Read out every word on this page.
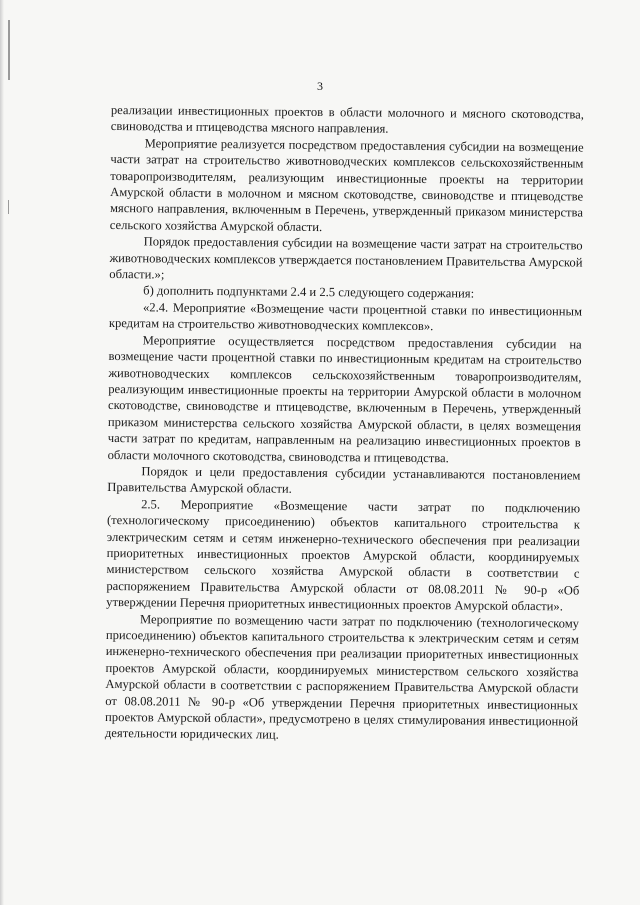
3

реализации инвестиционных проектов в области молочного и мясного скотоводства, свиноводства и птицеводства мясного направления.

Мероприятие реализуется посредством предоставления субсидии на возмещение части затрат на строительство животноводческих комплексов сельскохозяйственным товаропроизводителям, реализующим инвестиционные проекты на территории Амурской области в молочном и мясном скотоводстве, свиноводстве и птицеводстве мясного направления, включенным в Перечень, утвержденный приказом министерства сельского хозяйства Амурской области.

Порядок предоставления субсидии на возмещение части затрат на строительство животноводческих комплексов утверждается постановлением Правительства Амурской области.»;

б) дополнить подпунктами 2.4 и 2.5 следующего содержания:

«2.4. Мероприятие «Возмещение части процентной ставки по инвестиционным кредитам на строительство животноводческих комплексов».

Мероприятие осуществляется посредством предоставления субсидии на возмещение части процентной ставки по инвестиционным кредитам на строительство животноводческих комплексов сельскохозяйственным товаропроизводителям, реализующим инвестиционные проекты на территории Амурской области в молочном скотоводстве, свиноводстве и птицеводстве, включенным в Перечень, утвержденный приказом министерства сельского хозяйства Амурской области, в целях возмещения части затрат по кредитам, направленным на реализацию инвестиционных проектов в области молочного скотоводства, свиноводства и птицеводства.

Порядок и цели предоставления субсидии устанавливаются постановлением Правительства Амурской области.

2.5. Мероприятие «Возмещение части затрат по подключению (технологическому присоединению) объектов капитального строительства к электрическим сетям и сетям инженерно-технического обеспечения при реализации приоритетных инвестиционных проектов Амурской области, координируемых министерством сельского хозяйства Амурской области в соответствии с распоряжением Правительства Амурской области от 08.08.2011 № 90-р «Об утверждении Перечня приоритетных инвестиционных проектов Амурской области».

Мероприятие по возмещению части затрат по подключению (технологическому присоединению) объектов капитального строительства к электрическим сетям и сетям инженерно-технического обеспечения при реализации приоритетных инвестиционных проектов Амурской области, координируемых министерством сельского хозяйства Амурской области в соответствии с распоряжением Правительства Амурской области от 08.08.2011 № 90-р «Об утверждении Перечня приоритетных инвестиционных проектов Амурской области», предусмотрено в целях стимулирования инвестиционной деятельности юридических лиц.
